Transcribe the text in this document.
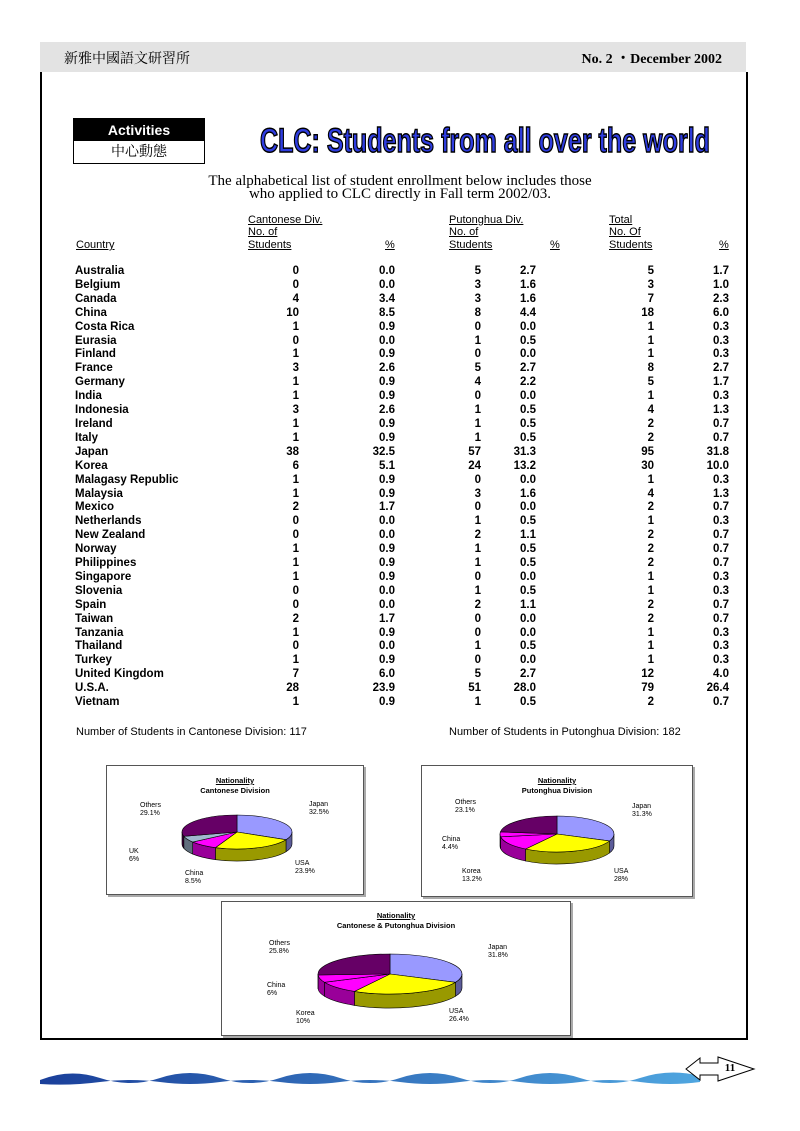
新雅中國語文研習所	No. 2 ・December 2002
Activities
中心動態	CLC: Students from all over the world
The alphabetical list of student enrollment below includes those
who applied to CLC directly in Fall term 2002/03.
Country
Cantonese Div.
No. of
Students	%
Putonghua Div.
No. of
Students	%
Total
No. Of
Students	%
Australia	0	0.0	5	2.7	5	1.7
Belgium	0	0.0	3	1.6	3	1.0
Canada	4	3.4	3	1.6	7	2.3
China	10	8.5	8	4.4	18	6.0
Costa Rica	1	0.9	0	0.0	1	0.3
Eurasia	0	0.0	1	0.5	1	0.3
Finland	1	0.9	0	0.0	1	0.3
France	3	2.6	5	2.7	8	2.7
Germany	1	0.9	4	2.2	5	1.7
India	1	0.9	0	0.0	1	0.3
Indonesia	3	2.6	1	0.5	4	1.3
Ireland	1	0.9	1	0.5	2	0.7
Italy	1	0.9	1	0.5	2	0.7
Japan	38	32.5	57	31.3	95	31.8
Korea	6	5.1	24	13.2	30	10.0
Malagasy Republic	1	0.9	0	0.0	1	0.3
Malaysia	1	0.9	3	1.6	4	1.3
Mexico	2	1.7	0	0.0	2	0.7
Netherlands	0	0.0	1	0.5	1	0.3
New Zealand	0	0.0	2	1.1	2	0.7
Norway	1	0.9	1	0.5	2	0.7
Philippines	1	0.9	1	0.5	2	0.7
Singapore	1	0.9	0	0.0	1	0.3
Slovenia	0	0.0	1	0.5	1	0.3
Spain	0	0.0	2	1.1	2	0.7
Taiwan	2	1.7	0	0.0	2	0.7
Tanzania	1	0.9	0	0.0	1	0.3
Thailand	0	0.0	1	0.5	1	0.3
Turkey	1	0.9	0	0.0	1	0.3
United Kingdom	7	6.0	5	2.7	12	4.0
U.S.A.	28	23.9	51	28.0	79	26.4
Vietnam	1	0.9	1	0.5	2	0.7
Number of Students in Cantonese Division: 117	Number of Students in Putonghua Division: 182
Nationality
Cantonese Division
Others 29.1%
Japan 32.5%
UK 6%
China 8.5%
USA 23.9%
Nationality
Putonghua Division
Others 23.1%
Japan 31.3%
China 4.4%
Korea 13.2%
USA 28%
Nationality
Cantonese & Putonghua Division
Others 25.8%
Japan 31.8%
China 6%
Korea 10%
USA 26.4%
11
